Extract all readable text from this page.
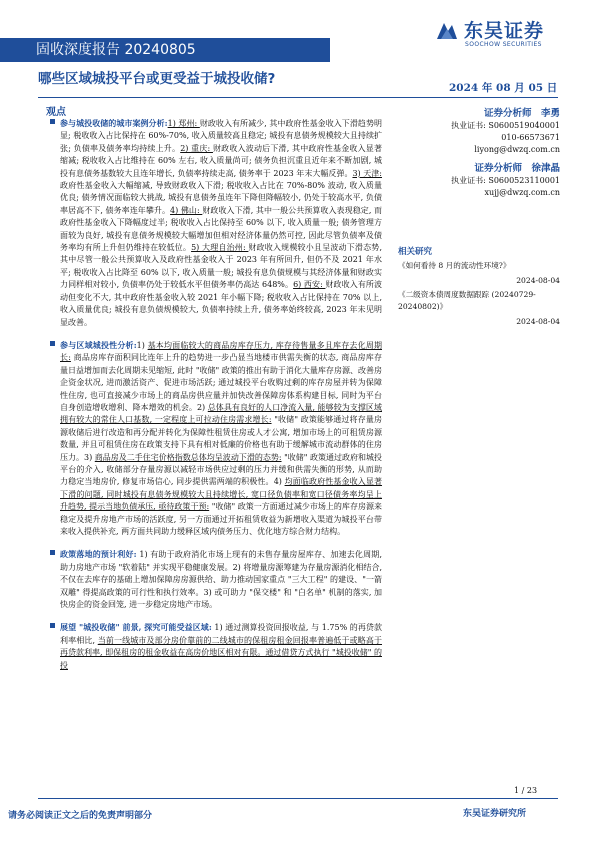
固收深度报告 20240805
东吴证券
SOOCHOW SECURITIES
哪些区域城投平台或更受益于城投收储?
2024 年 08 月 05 日
观点
参与城投收储的城市案例分析:1) 郑州: 财政收入有所减少, 其中政府性基金收入下滑趋势明显; 税收收入占比保持在 60%-70%, 收入质量较高且稳定; 城投有息债务规模较大且持续扩张; 负债率及债务率均持续上升。2) 重庆: 财政收入波动后下滑, 其中政府性基金收入显著缩减; 税收收入占比维持在 60% 左右, 收入质量尚可; 债务负担沉重且近年来不断加剧, 城投有息债务基数较大且连年增长, 负债率持续走高, 债务率于 2023 年末大幅反弹。3) 天津: 政府性基金收入大幅缩减, 导致财政收入下滑; 税收收入占比在 70%-80% 波动, 收入质量优良; 债务情况面临较大挑战, 城投有息债务虽连年下降但降幅较小, 仍处于较高水平, 负债率居高不下, 债务率连年攀升。4) 佛山: 财政收入下滑, 其中一般公共预算收入表现稳定, 而政府性基金收入下降幅度过半; 税收收入占比保持至 60% 以下, 收入质量一般; 债务管理方面较为良好, 城投有息债务规模较大幅增加但相对经济体量仍然可控, 因此尽管负债率及债务率均有所上升但仍维持在较低位。5) 大理自治州: 财政收入规模较小且呈波动下滑态势, 其中尽管一般公共预算收入及政府性基金收入于 2023 年有所回升, 但仍不及 2021 年水平; 税收收入占比降至 60% 以下, 收入质量一般; 城投有息负债规模与其经济体量和财政实力同样相对较小, 负债率仍处于较低水平但债务率仍高达 648%。6) 西安: 财政收入有所波动但变化不大, 其中政府性基金收入较 2021 年小幅下降; 税收收入占比保持在 70% 以上, 收入质量优良; 城投有息负债规模较大, 负债率持续上升, 债务率始终较高, 2023 年未见明显改善。
参与区域城投性分析:1) 基本均面临较大的商品房库存压力, 库存待售量多且库存去化周期长: 商品房库存面积同比连年上升的趋势进一步凸显当地楼市供需失衡的状态, 商品房库存量日益增加而去化周期未见缩短, 此时 "收储" 政策的推出有助于消化大量库存房源、改善房企资金状况, 进而激活资产、促进市场活跃; 通过城投平台收购过剩的库存房屋并转为保障性住房, 也可直接减少市场上的商品房供应量并加快改善保障房体系构建目标, 同时为平台自身创造增收增利、降本增效的机会。2) 总体具有良好的人口净流入量, 能够较为支撑区域拥有较大的常住人口基数, 一定程度上可拉动住房需求增长: "收储" 政策能够通过将存量房源收储后进行改造和再分配并转化为保障性租赁住房或人才公寓, 增加市场上的可租赁房源数量, 并且可租赁住房在政策支持下具有相对低廉的价格也有助于缓解城市流动群体的住房压力。3) 商品房及二手住宅价格指数总体均呈波动下滑的态势: "收储" 政策通过政府和城投平台的介入, 收储部分存量房源以减轻市场供应过剩的压力并缓和供需失衡的形势, 从而助力稳定当地房价, 修复市场信心, 同步提供需两端的积极性。4) 均面临政府性基金收入显著下滑的问题, 同时城投有息债务规模较大且持续增长, 宽口径负债率和宽口径债务率均呈上升趋势, 提示当地负债承压, 亟待政策干预: "收储" 政策一方面通过减少市场上的库存房源来稳定及提升房地产市场的活跃度, 另一方面通过开拓租赁收益为新增收入渠道为城投平台带来收入提供补充, 两方面共同助力缓释区域内债务压力、优化地方综合财力结构。
政策落地的预计利好: 1) 有助于政府消化市场上现有的未售存量房屋库存、加速去化周期, 助力房地产市场 "软着陆" 并实现平稳健康发展。2) 将增量房源筹建为存量房源消化相结合, 不仅在去库存的基础上增加保障房房源供给、助力推动国家重点 "三大工程" 的建设、"一箭双雕" 得提高政策的可行性和执行效率。3) 或可助力 "保交楼" 和 "白名单" 机制的落实, 加快房企的资金回笼, 进一步稳定房地产市场。
展望 "城投收储" 前景, 探究可能受益区域: 1) 通过测算投资回报收益, 与 1.75% 的再贷款利率相比, 当前一线城市及部分房价靠前的二线城市的保租房租金回报率普遍低于或略高于再贷款利率, 即保租房的租金收益在高房价地区相对有限。通过借贷方式执行 "城投收储" 的投
证券分析师　李勇
执业证书: S0600519040001
010-66573671
liyong@dwzq.com.cn
证券分析师　徐津晶
执业证书: S0600523110001
xujj@dwzq.com.cn
相关研究
《如何看待 8 月的流动性环境?》
2024-08-04
《二级资本债周度数据跟踪 (20240729-20240802)》
2024-08-04
1 / 23
请务必阅读正文之后的免责声明部分	东吴证券研究所
